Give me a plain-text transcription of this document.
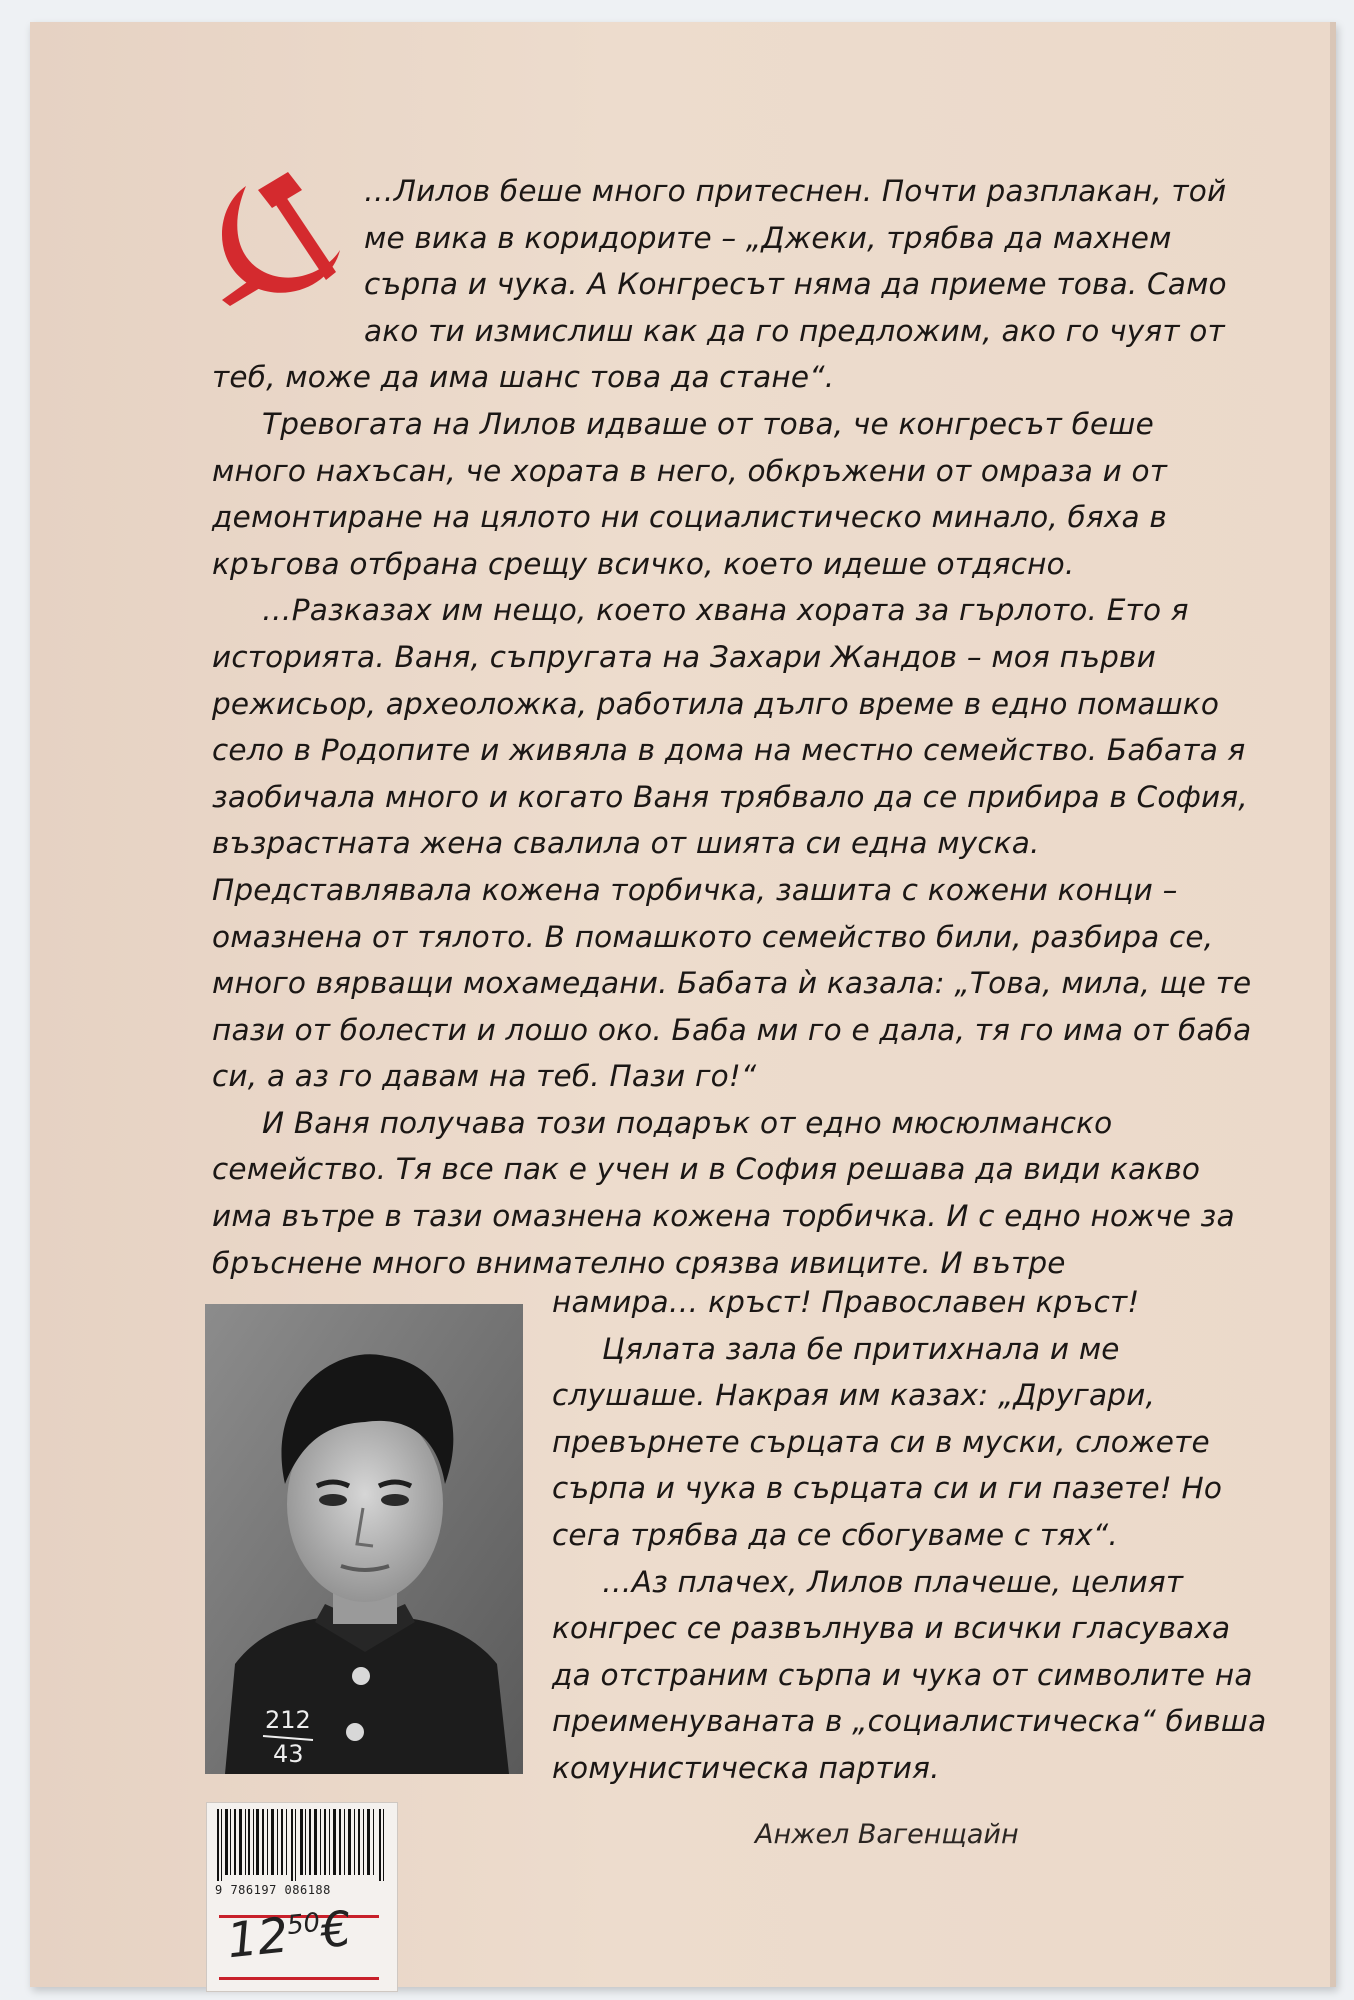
…Лилов беше много притеснен. Почти разплакан, той ме вика в коридорите – „Джеки, трябва да махнем сърпа и чука. А Конгресът няма да приеме това. Само ако ти измислиш как да го предложим, ако го чуят от теб, може да има шанс това да стане“.

Тревогата на Лилов идваше от това, че конгресът беше много нахъсан, че хората в него, обкръжени от омраза и от демонтиране на цялото ни социалистическо минало, бяха в кръгова отбрана срещу всичко, което идеше отдясно.

…Разказах им нещо, което хвана хората за гърлото. Ето я историята. Ваня, съпругата на Захари Жандов – моя първи режисьор, археоложка, работила дълго време в едно помашко село в Родопите и живяла в дома на местно семейство. Бабата я заобичала много и когато Ваня трябвало да се прибира в София, възрастната жена свалила от шията си една муска. Представлявала кожена торбичка, зашита с кожени конци – омазнена от тялото. В помашкото семейство били, разбира се, много вярващи мохамедани. Бабата ѝ казала: „Това, мила, ще те пази от болести и лошо око. Баба ми го е дала, тя го има от баба си, а аз го давам на теб. Пази го!“

И Ваня получава този подарък от едно мюсюлманско семейство. Тя все пак е учен и в София решава да види какво има вътре в тази омазнена кожена торбичка. И с едно ножче за бръснене много внимателно срязва ивиците. И вътре

212
43

намира… кръст! Православен кръст!

Цялата зала бе притихнала и ме слушаше. Накрая им казах: „Другари, превърнете сърцата си в муски, сложете сърпа и чука в сърцата си и ги пазете! Но сега трябва да се сбогуваме с тях“.

…Аз плачех, Лилов плачеше, целият конгрес се развълнува и всички гласуваха да отстраним сърпа и чука от символите на преименуваната в „социалистическа“ бивша комунистическа партия.

Анжел Вагенщайн
9 786197 086188
$12^{50}€$
